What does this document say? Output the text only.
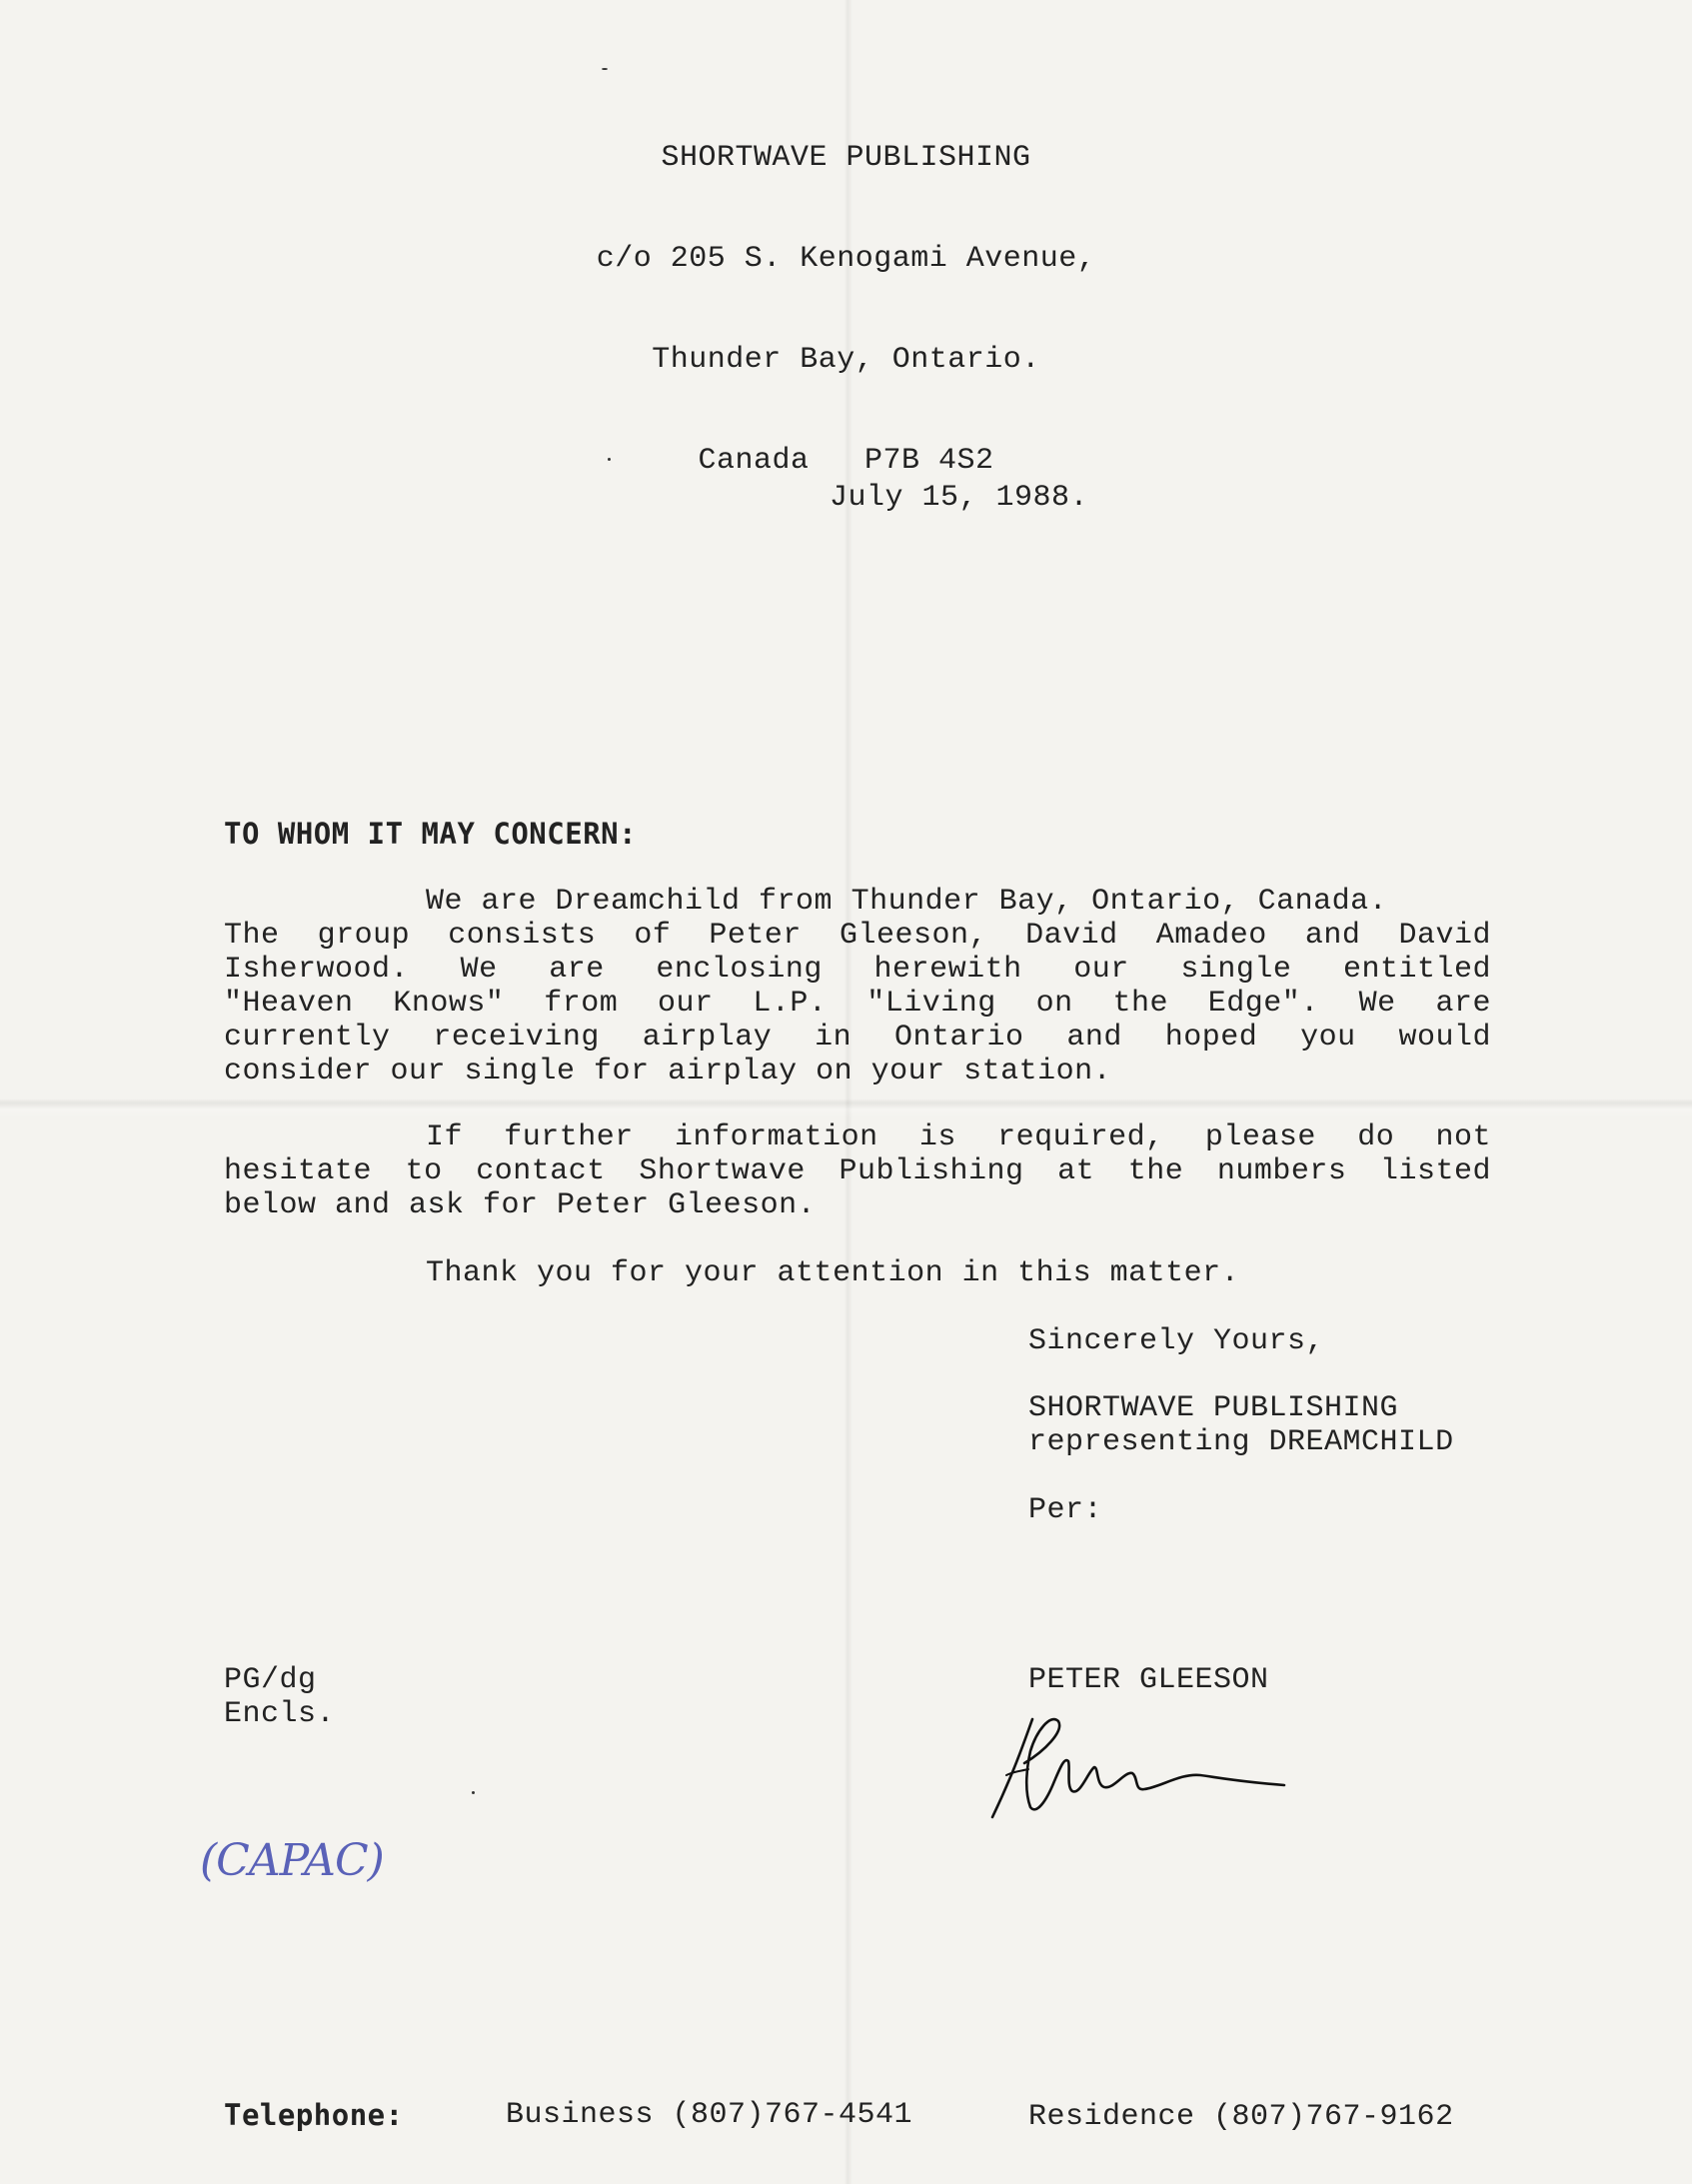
SHORTWAVE PUBLISHING

c/o 205 S. Kenogami Avenue,

Thunder Bay, Ontario.

Canada   P7B 4S2

July 15, 1988.
TO WHOM IT MAY CONCERN:
We are Dreamchild from Thunder Bay, Ontario, Canada.
The group consists of Peter Gleeson, David Amadeo and David
Isherwood. We are enclosing herewith our single entitled
"Heaven Knows" from our L.P. "Living on the Edge". We are
currently receiving airplay in Ontario and hoped you would
consider our single for airplay on your station.
If further information is required, please do not
hesitate to contact Shortwave Publishing at the numbers listed
below and ask for Peter Gleeson.
Thank you for your attention in this matter.
Sincerely Yours,
SHORTWAVE PUBLISHING
representing DREAMCHILD
Per:
PG/dg
Encls.
PETER GLEESON
(CAPAC)
Telephone:	Business (807)767-4541	Residence (807)767-9162
